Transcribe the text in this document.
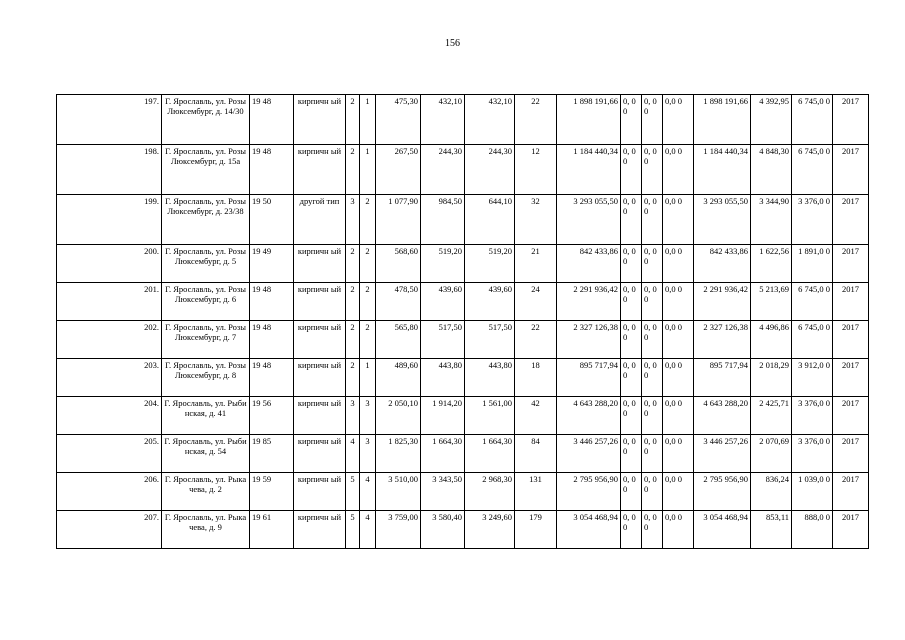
156
197.	Г. Ярославль, ул. Розы Люксембург, д. 14/30	19 48	кирпичн ый	2	1	475,30	432,10	432,10	22	1 898 191,66	0, 0 0	0, 0 0	0,0 0	1 898 191,66	4 392,95	6 745,0 0	2017
198.	Г. Ярославль, ул. Розы Люксембург, д. 15а	19 48	кирпичн ый	2	1	267,50	244,30	244,30	12	1 184 440,34	0, 0 0	0, 0 0	0,0 0	1 184 440,34	4 848,30	6 745,0 0	2017
199.	Г. Ярославль, ул. Розы Люксембург, д. 23/38	19 50	другой тип	3	2	1 077,90	984,50	644,10	32	3 293 055,50	0, 0 0	0, 0 0	0,0 0	3 293 055,50	3 344,90	3 376,0 0	2017
200.	Г. Ярославль, ул. Розы Люксембург, д. 5	19 49	кирпичн ый	2	2	568,60	519,20	519,20	21	842 433,86	0, 0 0	0, 0 0	0,0 0	842 433,86	1 622,56	1 891,0 0	2017
201.	Г. Ярославль, ул. Розы Люксембург, д. 6	19 48	кирпичн ый	2	2	478,50	439,60	439,60	24	2 291 936,42	0, 0 0	0, 0 0	0,0 0	2 291 936,42	5 213,69	6 745,0 0	2017
202.	Г. Ярославль, ул. Розы Люксембург, д. 7	19 48	кирпичн ый	2	2	565,80	517,50	517,50	22	2 327 126,38	0, 0 0	0, 0 0	0,0 0	2 327 126,38	4 496,86	6 745,0 0	2017
203.	Г. Ярославль, ул. Розы Люксембург, д. 8	19 48	кирпичн ый	2	1	489,60	443,80	443,80	18	895 717,94	0, 0 0	0, 0 0	0,0 0	895 717,94	2 018,29	3 912,0 0	2017
204.	Г. Ярославль, ул. Рыбинская, д. 41	19 56	кирпичн ый	3	3	2 050,10	1 914,20	1 561,00	42	4 643 288,20	0, 0 0	0, 0 0	0,0 0	4 643 288,20	2 425,71	3 376,0 0	2017
205.	Г. Ярославль, ул. Рыбинская, д. 54	19 85	кирпичн ый	4	3	1 825,30	1 664,30	1 664,30	84	3 446 257,26	0, 0 0	0, 0 0	0,0 0	3 446 257,26	2 070,69	3 376,0 0	2017
206.	Г. Ярославль, ул. Рыкачева, д. 2	19 59	кирпичн ый	5	4	3 510,00	3 343,50	2 968,30	131	2 795 956,90	0, 0 0	0, 0 0	0,0 0	2 795 956,90	836,24	1 039,0 0	2017
207.	Г. Ярославль, ул. Рыкачева, д. 9	19 61	кирпичн ый	5	4	3 759,00	3 580,40	3 249,60	179	3 054 468,94	0, 0 0	0, 0 0	0,0 0	3 054 468,94	853,11	888,0 0	2017
